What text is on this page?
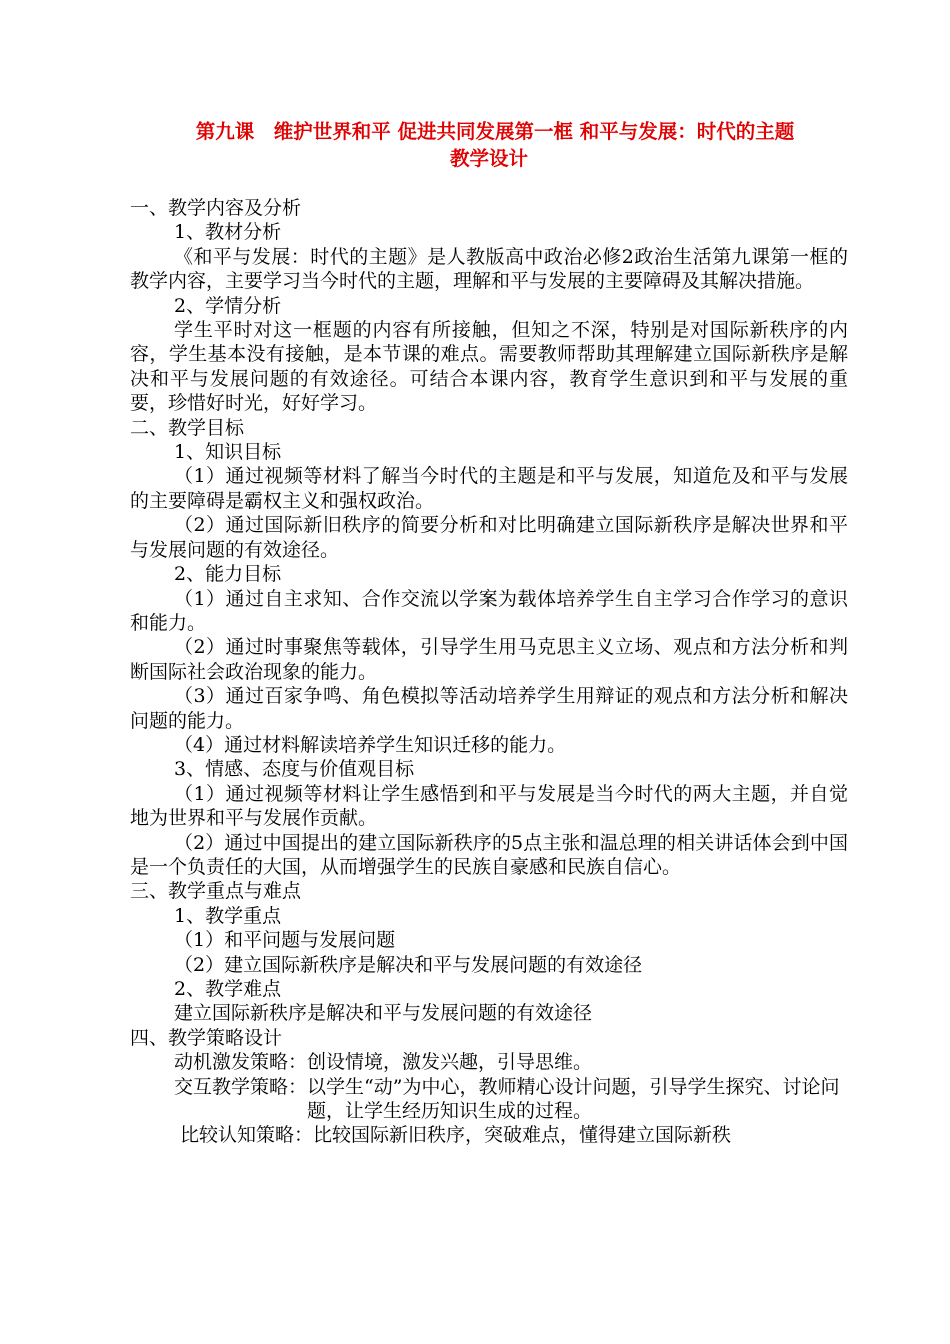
第九课　维护世界和平 促进共同发展第一框 和平与发展：时代的主题
教学设计

一、教学内容及分析

1、教材分析

《和平与发展：时代的主题》是人教版高中政治必修2政治生活第九课第一框的教学内容，主要学习当今时代的主题，理解和平与发展的主要障碍及其解决措施。

2、学情分析

学生平时对这一框题的内容有所接触，但知之不深，特别是对国际新秩序的内容，学生基本没有接触，是本节课的难点。需要教师帮助其理解建立国际新秩序是解决和平与发展问题的有效途径。可结合本课内容，教育学生意识到和平与发展的重要，珍惜好时光，好好学习。

二、教学目标

1、知识目标

（1）通过视频等材料了解当今时代的主题是和平与发展，知道危及和平与发展的主要障碍是霸权主义和强权政治。

（2）通过国际新旧秩序的简要分析和对比明确建立国际新秩序是解决世界和平与发展问题的有效途径。

2、能力目标

（1）通过自主求知、合作交流以学案为载体培养学生自主学习合作学习的意识和能力。

（2）通过时事聚焦等载体，引导学生用马克思主义立场、观点和方法分析和判断国际社会政治现象的能力。

（3）通过百家争鸣、角色模拟等活动培养学生用辩证的观点和方法分析和解决问题的能力。

（4）通过材料解读培养学生知识迁移的能力。

3、情感、态度与价值观目标

（1）通过视频等材料让学生感悟到和平与发展是当今时代的两大主题，并自觉地为世界和平与发展作贡献。

（2）通过中国提出的建立国际新秩序的5点主张和温总理的相关讲话体会到中国是一个负责任的大国，从而增强学生的民族自豪感和民族自信心。

三、教学重点与难点

1、教学重点

（1）和平问题与发展问题

（2）建立国际新秩序是解决和平与发展问题的有效途径

2、教学难点

建立国际新秩序是解决和平与发展问题的有效途径

四、教学策略设计

动机激发策略：创设情境，激发兴趣，引导思维。

交互教学策略： 以学生“动”为中心，教师精心设计问题，引导学生探究、讨论问题，让学生经历知识生成的过程。
比较认知策略： 比较国际新旧秩序，突破难点，懂得建立国际新秩
